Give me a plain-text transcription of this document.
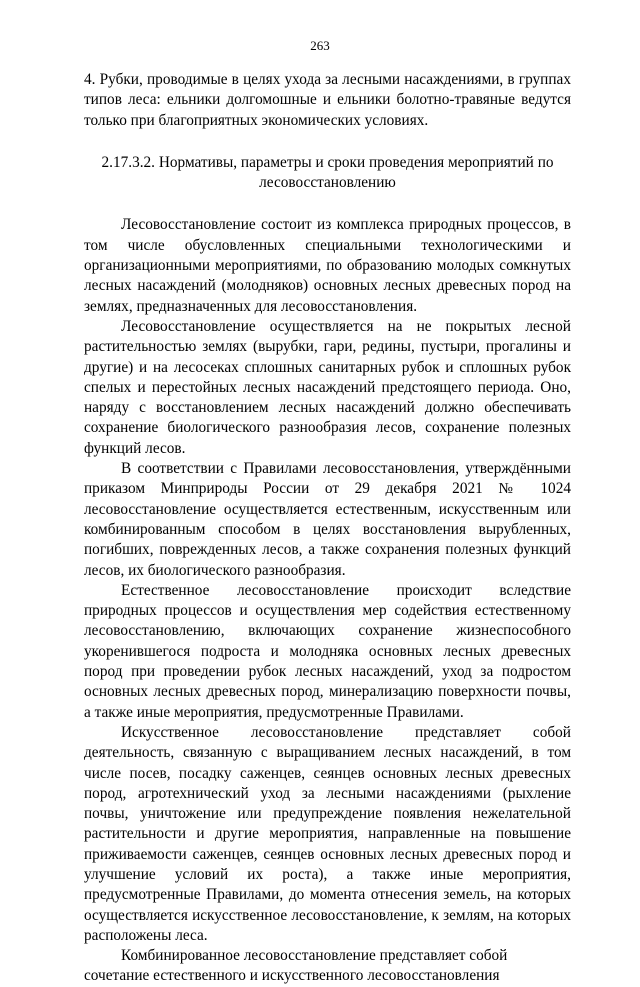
263

4. Рубки, проводимые в целях ухода за лесными насаждениями, в группах типов леса: ельники долгомошные и ельники болотно-травяные ведутся только при благоприятных экономических условиях.

2.17.3.2. Нормативы, параметры и сроки проведения мероприятий по
лесовосстановлению

Лесовосстановление состоит из комплекса природных процессов, в том числе обусловленных специальными технологическими и организационными мероприятиями, по образованию молодых сомкнутых лесных насаждений (молодняков) основных лесных древесных пород на землях, предназначенных для лесовосстановления.

Лесовосстановление осуществляется на не покрытых лесной растительностью землях (вырубки, гари, редины, пустыри, прогалины и другие) и на лесосеках сплошных санитарных рубок и сплошных рубок спелых и перестойных лесных насаждений предстоящего периода. Оно, наряду с восстановлением лесных насаждений должно обеспечивать сохранение биологического разнообразия лесов, сохранение полезных функций лесов.

В соответствии с Правилами лесовосстановления, утверждёнными приказом Минприроды России от 29 декабря 2021 № 1024 лесовосстановление осуществляется естественным, искусственным или комбинированным способом в целях восстановления вырубленных, погибших, поврежденных лесов, а также сохранения полезных функций лесов, их биологического разнообразия.

Естественное лесовосстановление происходит вследствие природных процессов и осуществления мер содействия естественному лесовосстановлению, включающих сохранение жизнеспособного укоренившегося подроста и молодняка основных лесных древесных пород при проведении рубок лесных насаждений, уход за подростом основных лесных древесных пород, минерализацию поверхности почвы, а также иные мероприятия, предусмотренные Правилами.

Искусственное лесовосстановление представляет собой деятельность, связанную с выращиванием лесных насаждений, в том числе посев, посадку саженцев, сеянцев основных лесных древесных пород, агротехнический уход за лесными насаждениями (рыхление почвы, уничтожение или предупреждение появления нежелательной растительности и другие мероприятия, направленные на повышение приживаемости саженцев, сеянцев основных лесных древесных пород и улучшение условий их роста), а также иные мероприятия, предусмотренные Правилами, до момента отнесения земель, на которых осуществляется искусственное лесовосстановление, к землям, на которых расположены леса.

Комбинированное лесовосстановление представляет собой сочетание естественного и искусственного лесовосстановления
